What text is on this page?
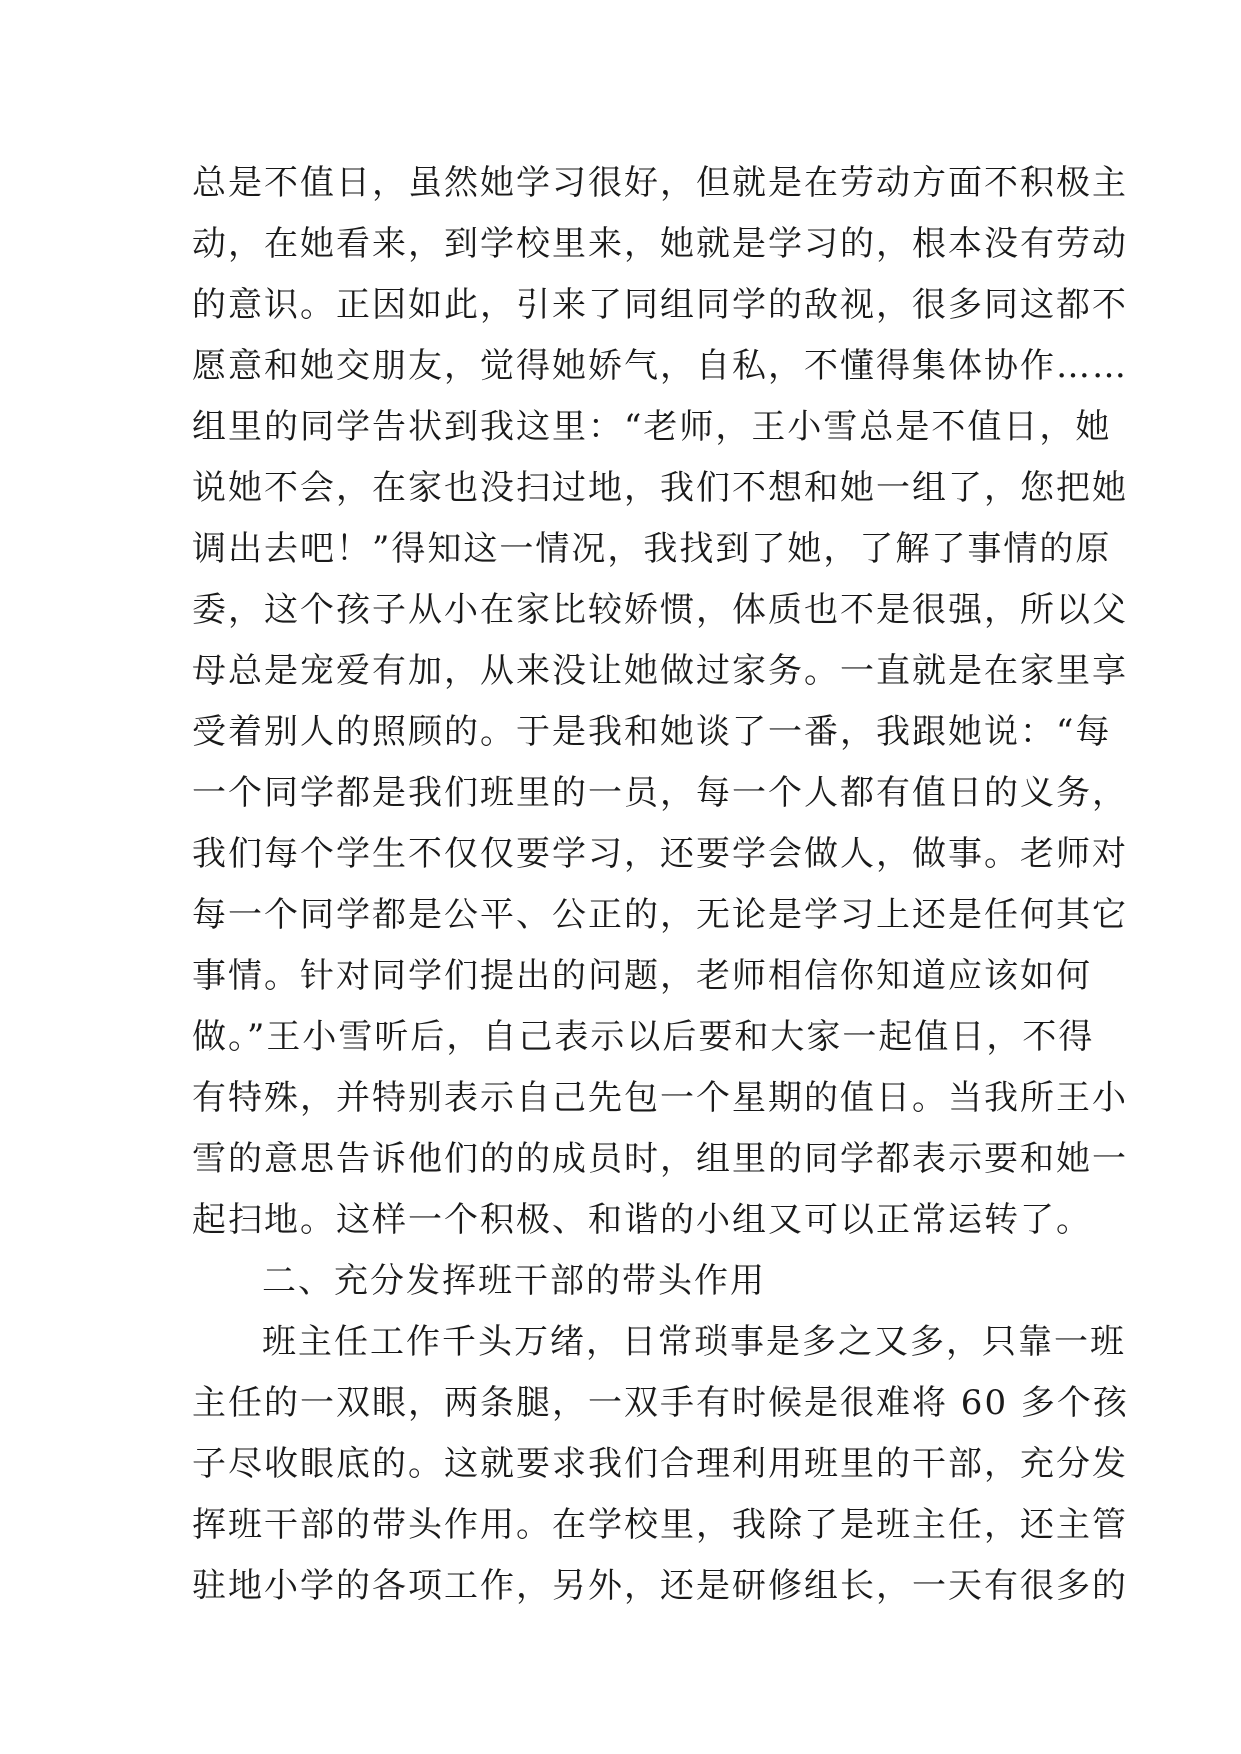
总是不值日，虽然她学习很好，但就是在劳动方面不积极主
动，在她看来，到学校里来，她就是学习的，根本没有劳动
的意识。正因如此，引来了同组同学的敌视，很多同这都不
愿意和她交朋友，觉得她娇气，自私，不懂得集体协作……
组里的同学告状到我这里：“老师，王小雪总是不值日，她
说她不会，在家也没扫过地，我们不想和她一组了，您把她
调出去吧！”得知这一情况，我找到了她，了解了事情的原
委，这个孩子从小在家比较娇惯，体质也不是很强，所以父
母总是宠爱有加，从来没让她做过家务。一直就是在家里享
受着别人的照顾的。于是我和她谈了一番，我跟她说：“每
一个同学都是我们班里的一员，每一个人都有值日的义务，
我们每个学生不仅仅要学习，还要学会做人，做事。老师对
每一个同学都是公平、公正的，无论是学习上还是任何其它
事情。针对同学们提出的问题，老师相信你知道应该如何
做。”王小雪听后，自己表示以后要和大家一起值日，不得
有特殊，并特别表示自己先包一个星期的值日。当我所王小
雪的意思告诉他们的的成员时，组里的同学都表示要和她一
起扫地。这样一个积极、和谐的小组又可以正常运转了。
二、充分发挥班干部的带头作用
班主任工作千头万绪，日常琐事是多之又多，只靠一班
主任的一双眼，两条腿，一双手有时候是很难将 60 多个孩
子尽收眼底的。这就要求我们合理利用班里的干部，充分发
挥班干部的带头作用。在学校里，我除了是班主任，还主管
驻地小学的各项工作，另外，还是研修组长，一天有很多的
